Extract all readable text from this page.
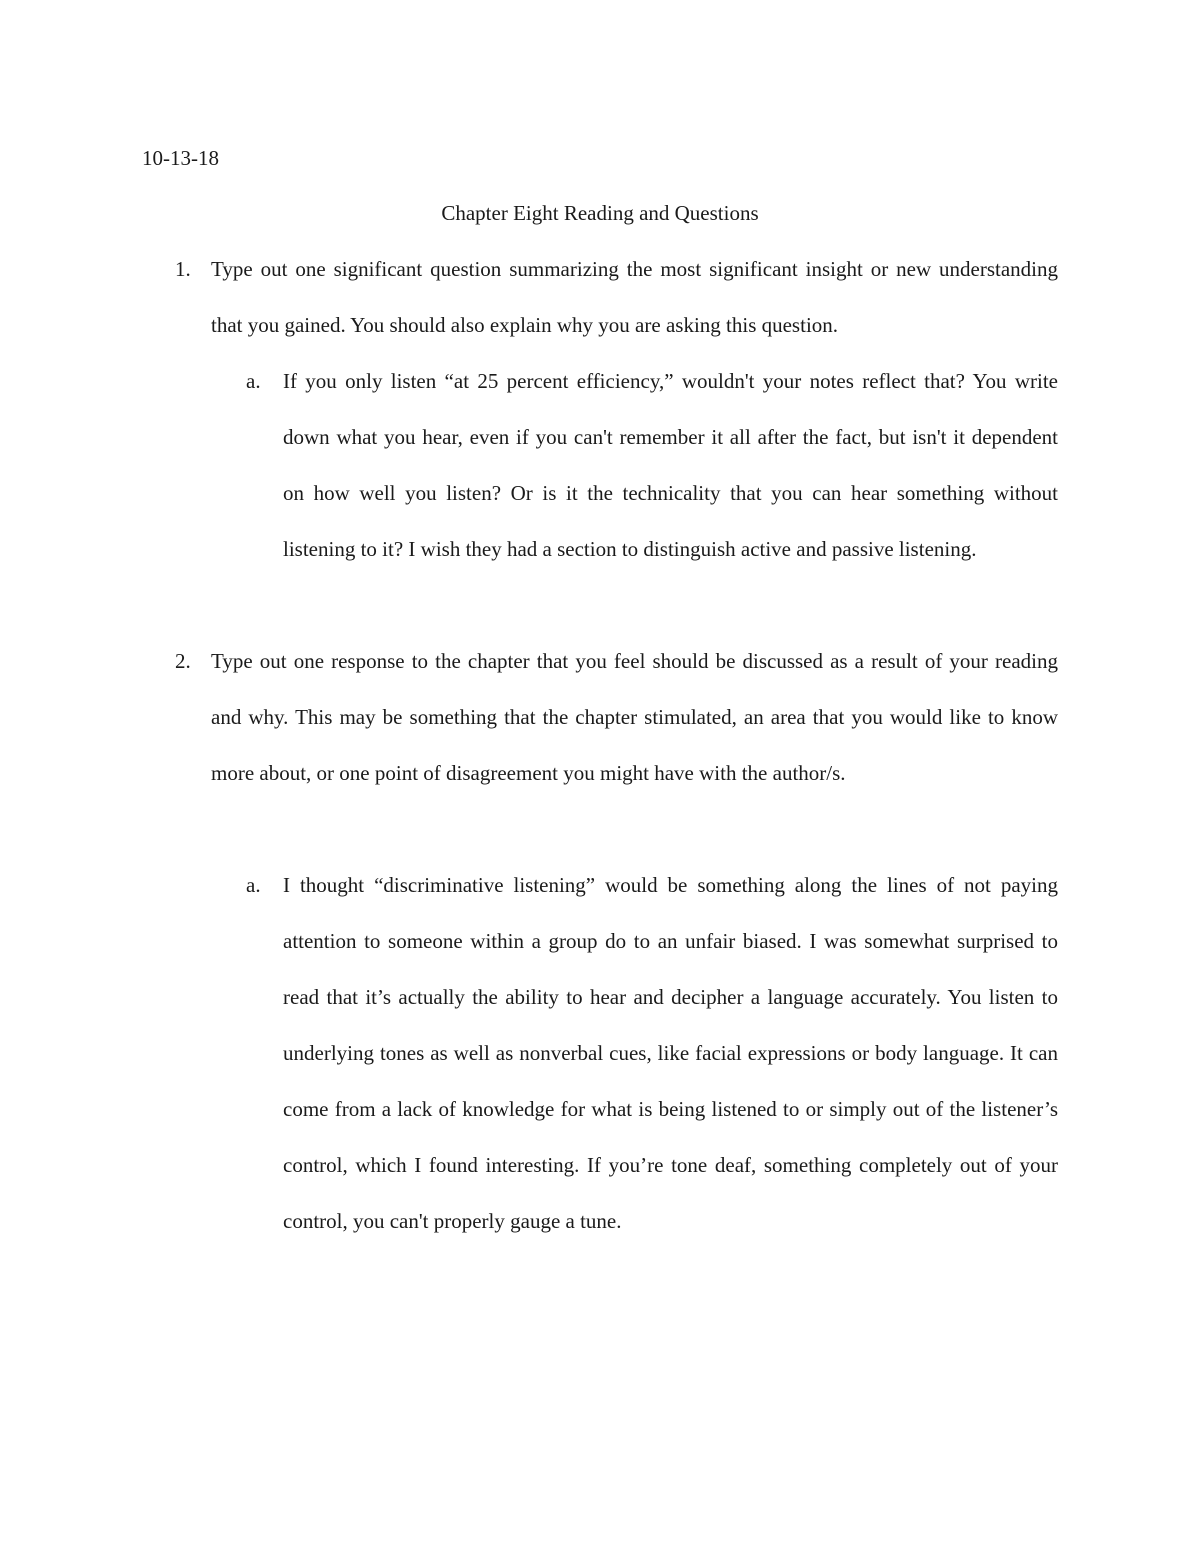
10-13-18
Chapter Eight Reading and Questions
1. Type out one significant question summarizing the most significant insight or new understanding that you gained. You should also explain why you are asking this question.
a. If you only listen “at 25 percent efficiency,” wouldn't your notes reflect that? You write down what you hear, even if you can't remember it all after the fact, but isn't it dependent on how well you listen? Or is it the technicality that you can hear something without listening to it? I wish they had a section to distinguish active and passive listening.
2. Type out one response to the chapter that you feel should be discussed as a result of your reading and why. This may be something that the chapter stimulated, an area that you would like to know more about, or one point of disagreement you might have with the author/s.
a. I thought “discriminative listening” would be something along the lines of not paying attention to someone within a group do to an unfair biased. I was somewhat surprised to read that it’s actually the ability to hear and decipher a language accurately. You listen to underlying tones as well as nonverbal cues, like facial expressions or body language. It can come from a lack of knowledge for what is being listened to or simply out of the listener’s control, which I found interesting. If you’re tone deaf, something completely out of your control, you can't properly gauge a tune.
